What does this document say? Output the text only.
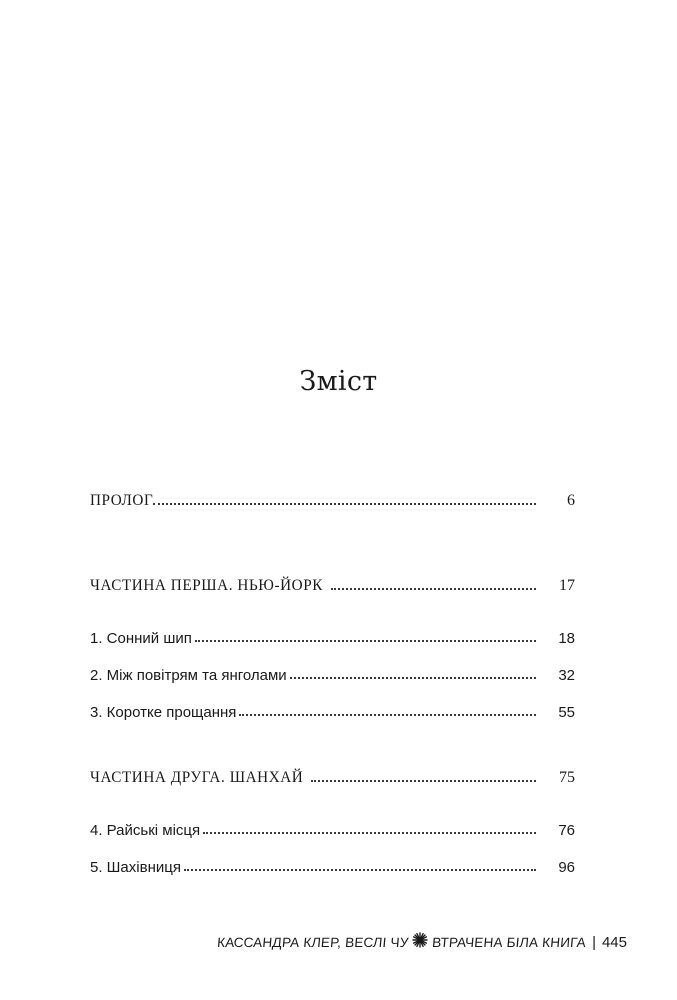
Зміст
ПРОЛОГ	6
ЧАСТИНА ПЕРША. НЬЮ-ЙОРК	17
1. Сонний шип	18
2. Між повітрям та янголами	32
3. Коротке прощання	55
ЧАСТИНА ДРУГА. ШАНХАЙ	75
4. Райські місця	76
5. Шахівниця	96
КАССАНДРА КЛЕР, ВЕСЛІ ЧУ ВТРАЧЕНА БІЛА КНИГА | 445
